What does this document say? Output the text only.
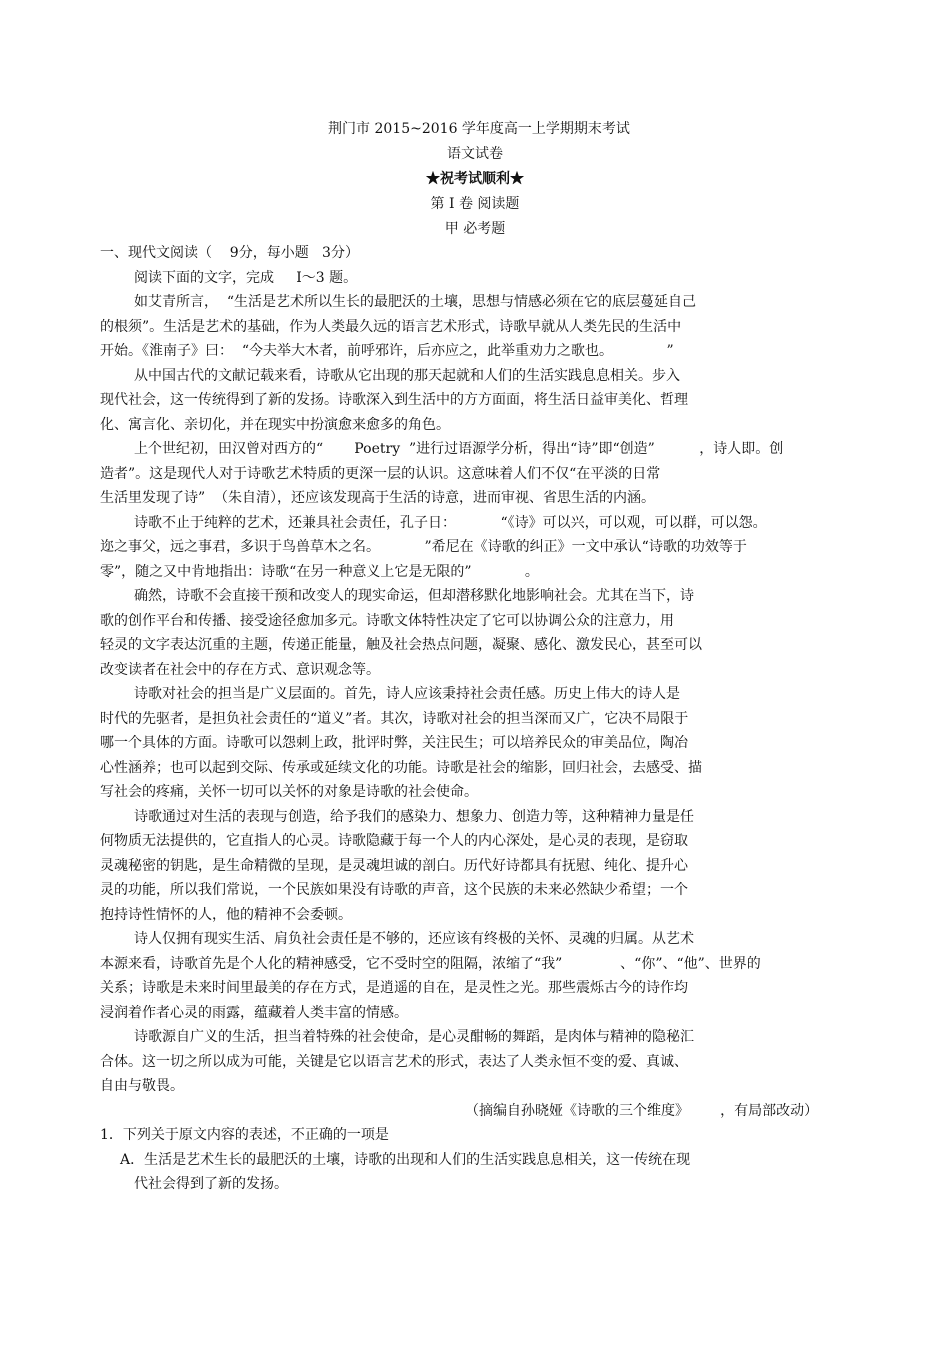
荆门市 2015~2016 学年度高一上学期期末考试
语文试卷
★祝考试顺利★
第 Ⅰ 卷 阅读题
甲 必考题
一、现代文阅读（    9分，每小题   3分）
阅读下面的文字，完成     Ⅰ～3 题。
如艾青所言，  “生活是艺术所以生长的最肥沃的土壤，思想与情感必须在它的底层蔓延自己
的根须”。生活是艺术的基础，作为人类最久远的语言艺术形式，诗歌早就从人类先民的生活中
开始。《淮南子》曰：  “今夫举大木者，前呼邪许，后亦应之，此举重劝力之歌也。            ”
从中国古代的文献记载来看，诗歌从它出现的那天起就和人们的生活实践息息相关。步入
现代社会，这一传统得到了新的发扬。诗歌深入到生活中的方方面面，将生活日益审美化、哲理
化、寓言化、亲切化，并在现实中扮演愈来愈多的角色。
上个世纪初，田汉曾对西方的“       Poetry  ”进行过语源学分析，得出“诗”即“创造”          ，诗人即。创
造者”。这是现代人对于诗歌艺术特质的更深一层的认识。这意味着人们不仅“在平淡的日常
生活里发现了诗”  （朱自清），还应该发现高于生活的诗意，进而审视、省思生活的内涵。
诗歌不止于纯粹的艺术，还兼具社会责任，孔子日：          “《诗》可以兴，可以观，可以群，可以怨。
迩之事父，远之事君，多识于鸟兽草木之名。          ”希尼在《诗歌的纠正》一文中承认“诗歌的功效等于
零”，随之又中肯地指出：诗歌“在另一种意义上它是无限的”            。
确然，诗歌不会直接干预和改变人的现实命运，但却潜移默化地影响社会。尤其在当下，诗
歌的创作平台和传播、接受途径愈加多元。诗歌文体特性决定了它可以协调公众的注意力，用
轻灵的文字表达沉重的主题，传递正能量，触及社会热点问题，凝聚、感化、激发民心，甚至可以
改变读者在社会中的存在方式、意识观念等。
诗歌对社会的担当是广义层面的。首先，诗人应该秉持社会责任感。历史上伟大的诗人是
时代的先驱者，是担负社会责任的“道义”者。其次，诗歌对社会的担当深而又广，它决不局限于
哪一个具体的方面。诗歌可以怨刺上政，批评时弊，关注民生；可以培养民众的审美品位，陶冶
心性涵养；也可以起到交际、传承或延续文化的功能。诗歌是社会的缩影，回归社会，去感受、描
写社会的疼痛，关怀一切可以关怀的对象是诗歌的社会使命。
诗歌通过对生活的表现与创造，给予我们的感染力、想象力、创造力等，这种精神力量是任
何物质无法提供的，它直指人的心灵。诗歌隐藏于每一个人的内心深处，是心灵的表现，是窃取
灵魂秘密的钥匙，是生命精微的呈现，是灵魂坦诚的剖白。历代好诗都具有抚慰、纯化、提升心
灵的功能，所以我们常说，一个民族如果没有诗歌的声音，这个民族的未来必然缺少希望；一个
抱持诗性情怀的人，他的精神不会委顿。
诗人仅拥有现实生活、肩负社会责任是不够的，还应该有终极的关怀、灵魂的归属。从艺术
本源来看，诗歌首先是个人化的精神感受，它不受时空的阻隔，浓缩了“我”             、“你”、“他”、世界的
关系；诗歌是未来时间里最美的存在方式，是逍遥的自在，是灵性之光。那些震烁古今的诗作均
浸润着作者心灵的雨露，蕴藏着人类丰富的情感。
诗歌源自广义的生活，担当着特殊的社会使命，是心灵酣畅的舞蹈，是肉体与精神的隐秘汇
合体。这一切之所以成为可能，关键是它以语言艺术的形式，表达了人类永恒不变的爱、真诚、
自由与敬畏。
（摘编自孙晓娅《诗歌的三个维度》       ，有局部改动）
1．下列关于原文内容的表述，不正确的一项是
A．生活是艺术生长的最肥沃的土壤，诗歌的出现和人们的生活实践息息相关，这一传统在现
代社会得到了新的发扬。
